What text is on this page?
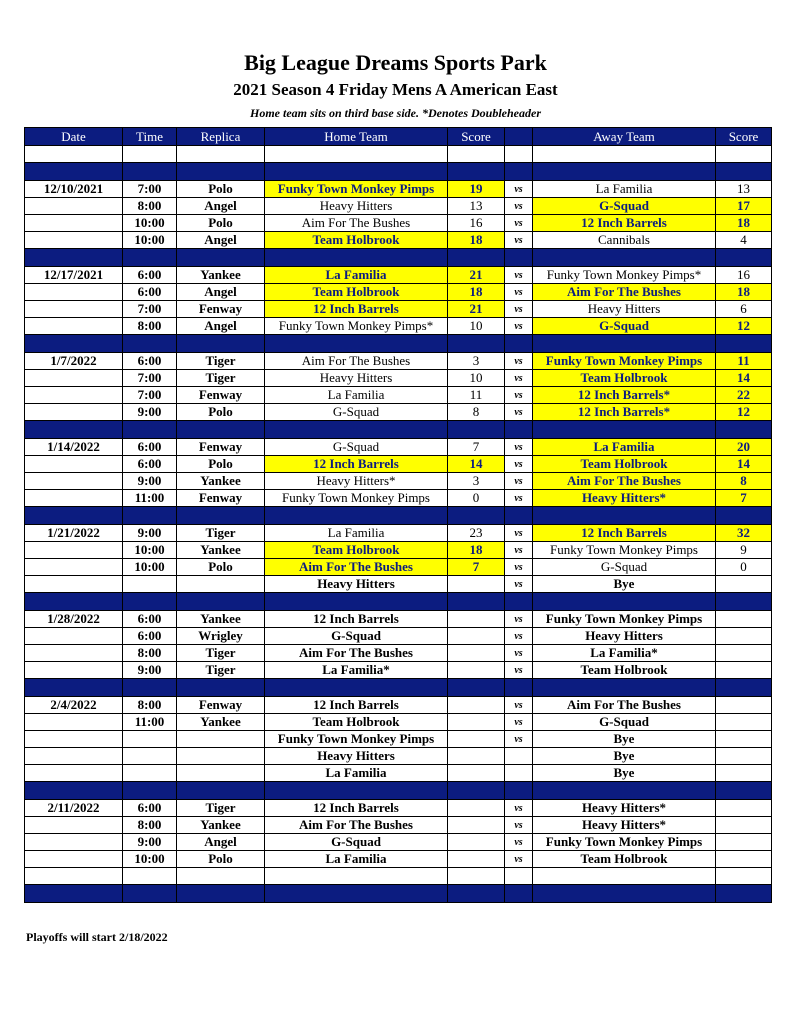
Big League Dreams Sports Park
2021 Season 4 Friday Mens A American East
Home team sits on third base side. *Denotes Doubleheader
Date	Time	Replica	Home Team	Score		Away Team	Score

12/10/2021	7:00	Polo	Funky Town Monkey Pimps	19	vs	La Familia	13
	8:00	Angel	Heavy Hitters	13	vs	G-Squad	17
	10:00	Polo	Aim For The Bushes	16	vs	12 Inch Barrels	18
	10:00	Angel	Team Holbrook	18	vs	Cannibals	4

12/17/2021	6:00	Yankee	La Familia	21	vs	Funky Town Monkey Pimps*	16
	6:00	Angel	Team Holbrook	18	vs	Aim For The Bushes	18
	7:00	Fenway	12 Inch Barrels	21	vs	Heavy Hitters	6
	8:00	Angel	Funky Town Monkey Pimps*	10	vs	G-Squad	12

1/7/2022	6:00	Tiger	Aim For The Bushes	3	vs	Funky Town Monkey Pimps	11
	7:00	Tiger	Heavy Hitters	10	vs	Team Holbrook	14
	7:00	Fenway	La Familia	11	vs	12 Inch Barrels*	22
	9:00	Polo	G-Squad	8	vs	12 Inch Barrels*	12

1/14/2022	6:00	Fenway	G-Squad	7	vs	La Familia	20
	6:00	Polo	12 Inch Barrels	14	vs	Team Holbrook	14
	9:00	Yankee	Heavy Hitters*	3	vs	Aim For The Bushes	8
	11:00	Fenway	Funky Town Monkey Pimps	0	vs	Heavy Hitters*	7

1/21/2022	9:00	Tiger	La Familia	23	vs	12 Inch Barrels	32
	10:00	Yankee	Team Holbrook	18	vs	Funky Town Monkey Pimps	9
	10:00	Polo	Aim For The Bushes	7	vs	G-Squad	0
			Heavy Hitters		vs	Bye	

1/28/2022	6:00	Yankee	12 Inch Barrels		vs	Funky Town Monkey Pimps	
	6:00	Wrigley	G-Squad		vs	Heavy Hitters	
	8:00	Tiger	Aim For The Bushes		vs	La Familia*	
	9:00	Tiger	La Familia*		vs	Team Holbrook	

2/4/2022	8:00	Fenway	12 Inch Barrels		vs	Aim For The Bushes	
	11:00	Yankee	Team Holbrook		vs	G-Squad	
			Funky Town Monkey Pimps		vs	Bye	
			Heavy Hitters			Bye	
			La Familia			Bye	

2/11/2022	6:00	Tiger	12 Inch Barrels		vs	Heavy Hitters*	
	8:00	Yankee	Aim For The Bushes		vs	Heavy Hitters*	
	9:00	Angel	G-Squad		vs	Funky Town Monkey Pimps	
	10:00	Polo	La Familia		vs	Team Holbrook	

Playoffs will start 2/18/2022
